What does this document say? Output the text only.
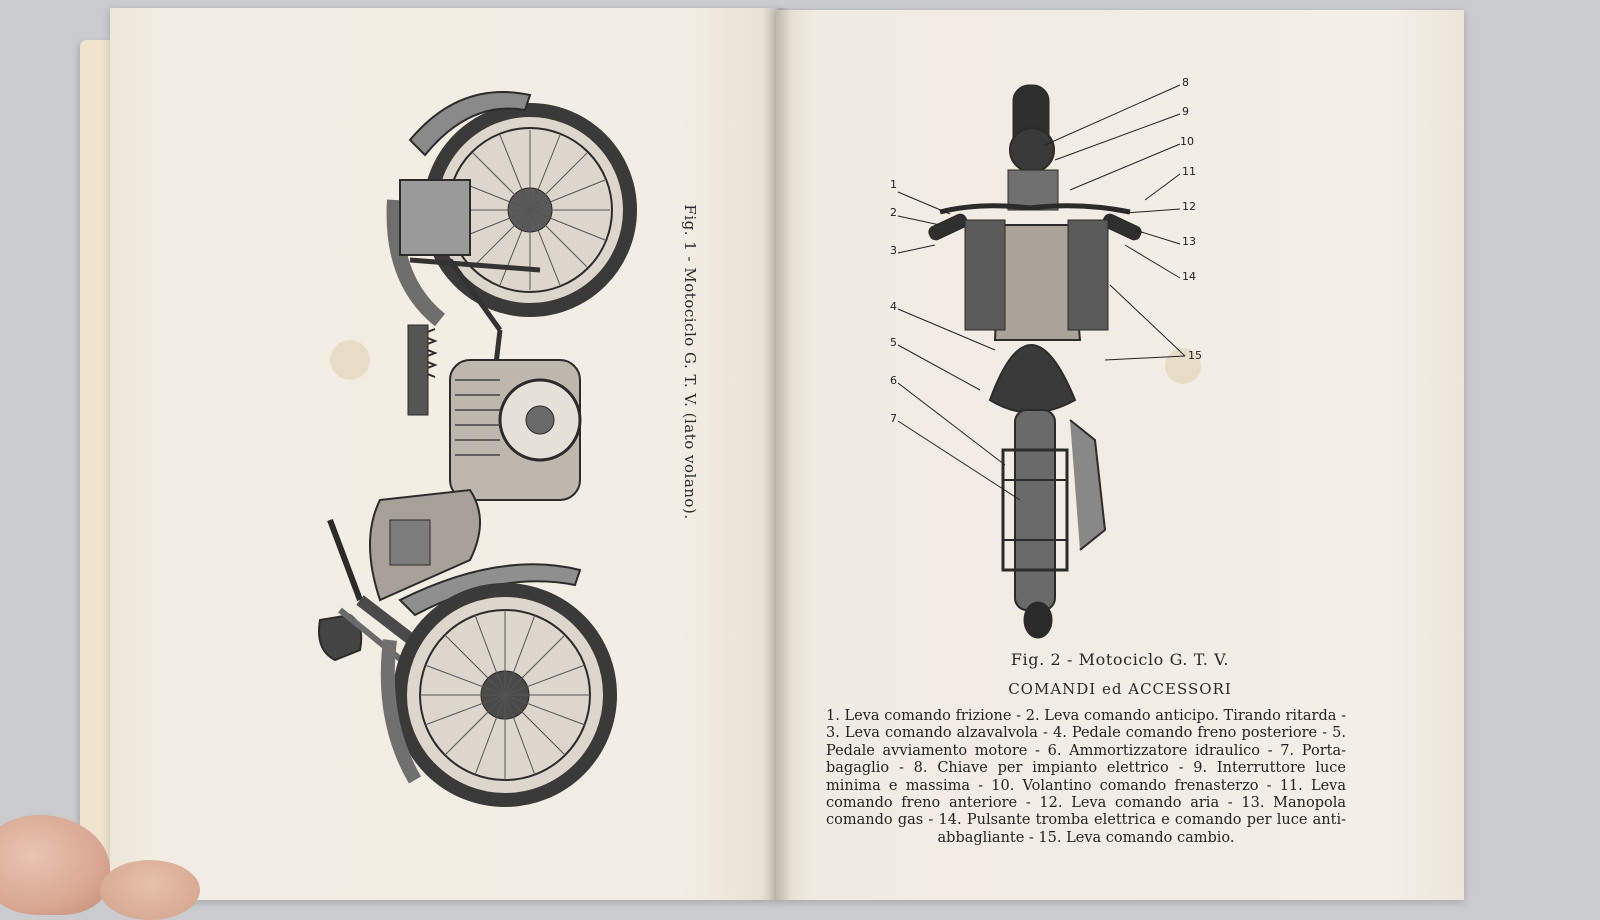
Fig. 1 - Motociclo G. T. V. (lato volano).
1
2
3
4
5
6
7
8
9
10
11
12
13
14
15
Fig. 2 - Motociclo G. T. V.
COMANDI ed ACCESSORI

1. Leva comando frizione - 2. Leva comando anticipo. Tirando ritarda - 3. Leva comando alzavalvola - 4. Pedale comando freno posteriore - 5. Pedale avviamento motore - 6. Ammortizzatore idraulico - 7. Porta-bagaglio - 8. Chiave per impianto elettrico - 9. Interruttore luce minima e massima - 10. Volantino comando frenasterzo - 11. Leva comando freno anteriore - 12. Leva comando aria - 13. Manopola comando gas - 14. Pulsante tromba elettrica e comando per luce anti-abbagliante - 15. Leva comando cambio.
